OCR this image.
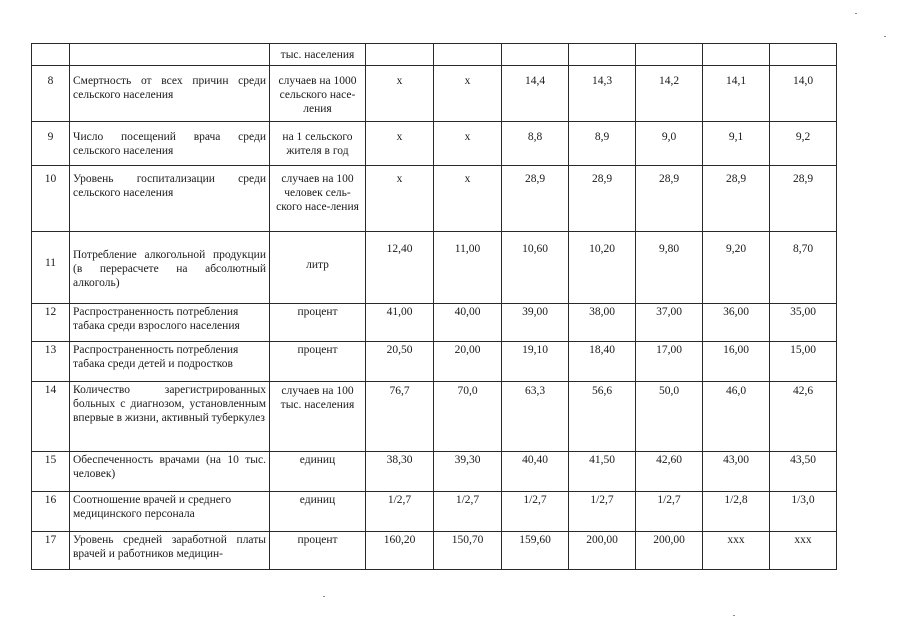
		тыс. населения							
8	Смертность от всех причин среди сельского населения	случаев на 1000 сельского насе-ления	x	x	14,4	14,3	14,2	14,1	14,0
9	Число посещений врача среди сельского населения	на 1 сельского жителя в год	x	x	8,8	8,9	9,0	9,1	9,2
10	Уровень госпитализации среди сельского населения	случаев на 100 человек сель-ского насе-ления	x	x	28,9	28,9	28,9	28,9	28,9
11	Потребление алкогольной продукции (в перерасчете на абсолютный алкоголь)	литр	12,40	11,00	10,60	10,20	9,80	9,20	8,70
12	Распространенность потребления табака среди взрослого населения	процент	41,00	40,00	39,00	38,00	37,00	36,00	35,00
13	Распространенность потребления табака среди детей и подростков	процент	20,50	20,00	19,10	18,40	17,00	16,00	15,00
14	Количество зарегистрированных больных с диагнозом, установленным впервые в жизни, активный туберкулез	случаев на 100 тыс. населения	76,7	70,0	63,3	56,6	50,0	46,0	42,6
15	Обеспеченность врачами (на 10 тыс. человек)	единиц	38,30	39,30	40,40	41,50	42,60	43,00	43,50
16	Соотношение врачей и среднего медицинского персонала	единиц	1/2,7	1/2,7	1/2,7	1/2,7	1/2,7	1/2,8	1/3,0
17	Уровень средней заработной платы врачей и работников медицин-	процент	160,20	150,70	159,60	200,00	200,00	ххх	ххх
